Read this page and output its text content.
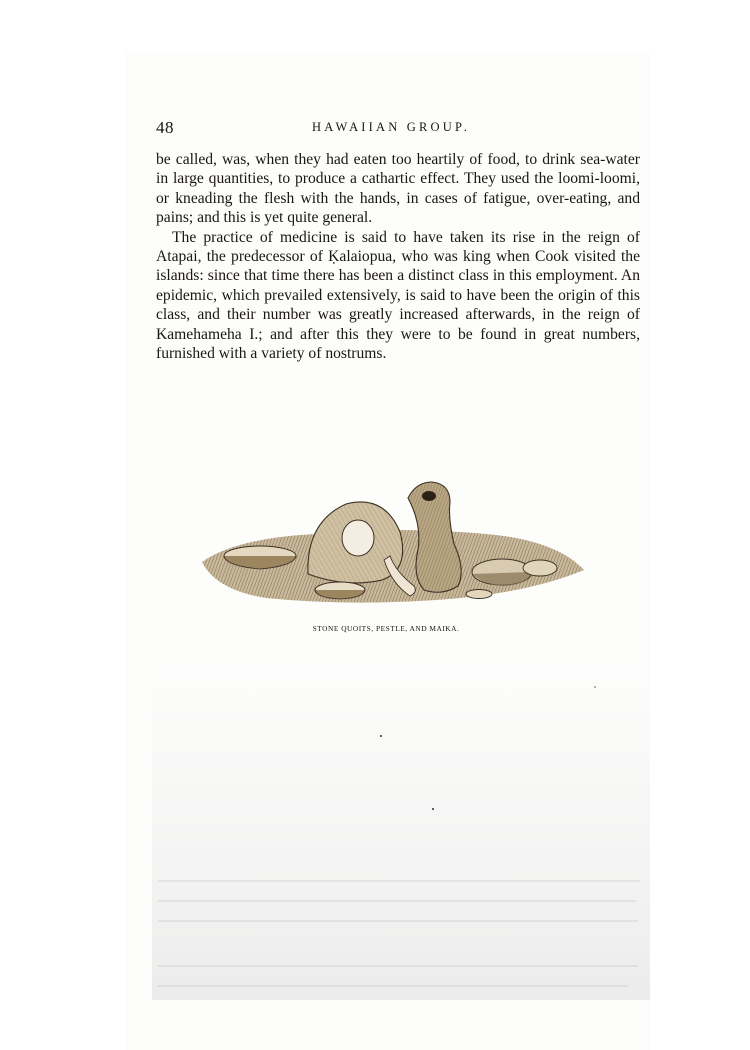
48	HAWAIIAN GROUP.

be called, was, when they had eaten too heartily of food, to drink sea-water in large quantities, to produce a cathartic effect. They used the loomi-loomi, or kneading the flesh with the hands, in cases of fatigue, over-eating, and pains; and this is yet quite general.

The practice of medicine is said to have taken its rise in the reign of Atapai, the predecessor of Ḳalaiopua, who was king when Cook visited the islands: since that time there has been a distinct class in this employment. An epidemic, which prevailed extensively, is said to have been the origin of this class, and their number was greatly increased afterwards, in the reign of Kamehameha I.; and after this they were to be found in great numbers, furnished with a variety of nostrums.

STONE QUOITS, PESTLE, AND MAIKA.
